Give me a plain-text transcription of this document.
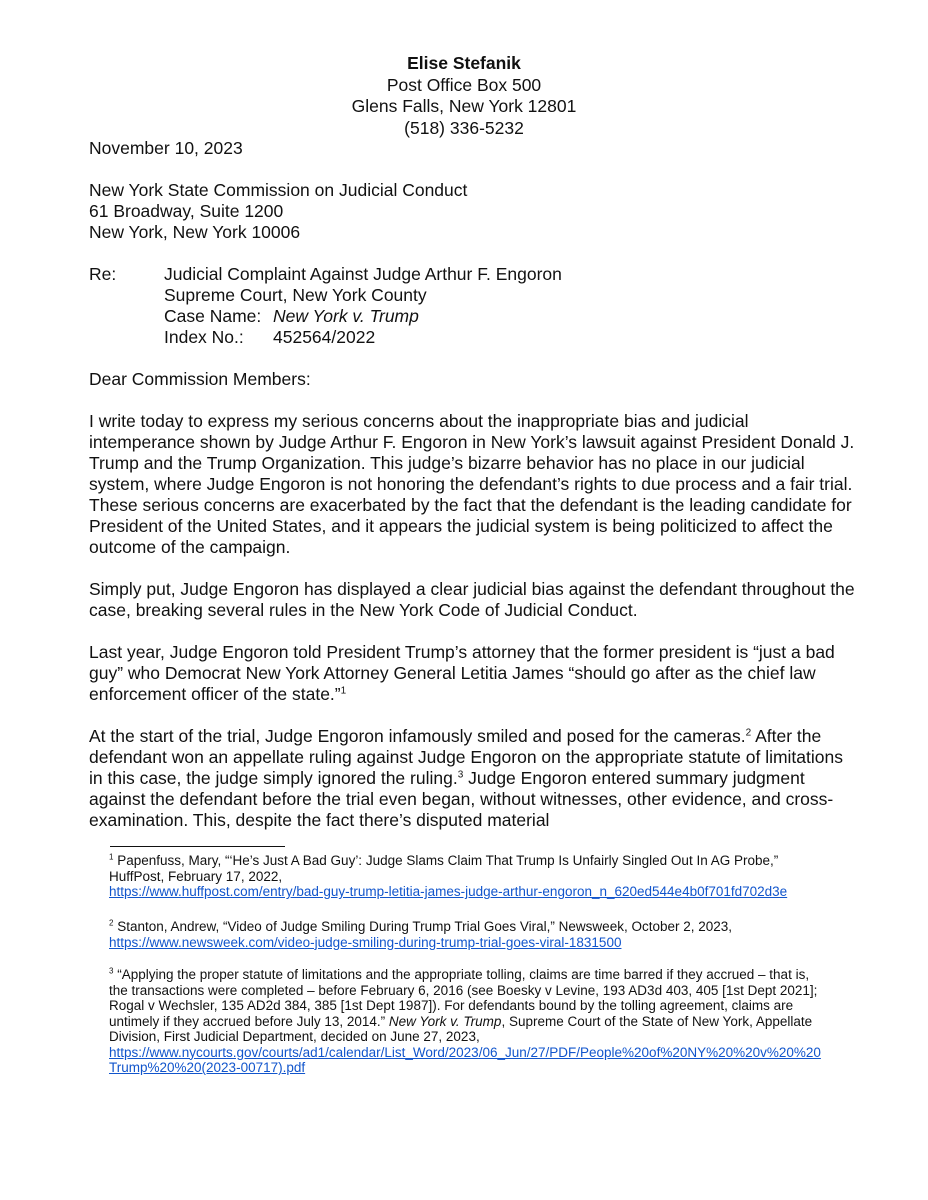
Elise Stefanik
Post Office Box 500
Glens Falls, New York 12801
(518) 336-5232
November 10, 2023
New York State Commission on Judicial Conduct
61 Broadway, Suite 1200
New York, New York 10006
Re:	Judicial Complaint Against Judge Arthur F. Engoron
Supreme Court, New York County
Case Name: New York v. Trump
Index No.:	452564/2022
Dear Commission Members:
I write today to express my serious concerns about the inappropriate bias and judicial intemperance shown by Judge Arthur F. Engoron in New York’s lawsuit against President Donald J. Trump and the Trump Organization. This judge’s bizarre behavior has no place in our judicial system, where Judge Engoron is not honoring the defendant’s rights to due process and a fair trial. These serious concerns are exacerbated by the fact that the defendant is the leading candidate for President of the United States, and it appears the judicial system is being politicized to affect the outcome of the campaign.
Simply put, Judge Engoron has displayed a clear judicial bias against the defendant throughout the case, breaking several rules in the New York Code of Judicial Conduct.
Last year, Judge Engoron told President Trump’s attorney that the former president is “just a bad guy” who Democrat New York Attorney General Letitia James “should go after as the chief law enforcement officer of the state.”$^1$
At the start of the trial, Judge Engoron infamously smiled and posed for the cameras.$^2$ After the defendant won an appellate ruling against Judge Engoron on the appropriate statute of limitations in this case, the judge simply ignored the ruling.$^3$ Judge Engoron entered summary judgment against the defendant before the trial even began, without witnesses, other evidence, and cross-examination. This, despite the fact there’s disputed material
$^1$ Papenfuss, Mary, “‘He’s Just A Bad Guy’: Judge Slams Claim That Trump Is Unfairly Singled Out In AG Probe,” HuffPost, February 17, 2022,
https://www.huffpost.com/entry/bad-guy-trump-letitia-james-judge-arthur-engoron_n_620ed544e4b0f701fd702d3e
$^2$ Stanton, Andrew, “Video of Judge Smiling During Trump Trial Goes Viral,” Newsweek, October 2, 2023,
https://www.newsweek.com/video-judge-smiling-during-trump-trial-goes-viral-1831500
$^3$ “Applying the proper statute of limitations and the appropriate tolling, claims are time barred if they accrued – that is, the transactions were completed – before February 6, 2016 (see Boesky v Levine, 193 AD3d 403, 405 [1st Dept 2021]; Rogal v Wechsler, 135 AD2d 384, 385 [1st Dept 1987]). For defendants bound by the tolling agreement, claims are untimely if they accrued before July 13, 2014.” New York v. Trump, Supreme Court of the State of New York, Appellate Division, First Judicial Department, decided on June 27, 2023,
https://www.nycourts.gov/courts/ad1/calendar/List_Word/2023/06_Jun/27/PDF/People%20of%20NY%20%20v%20%20Trump%20%20(2023-00717).pdf
